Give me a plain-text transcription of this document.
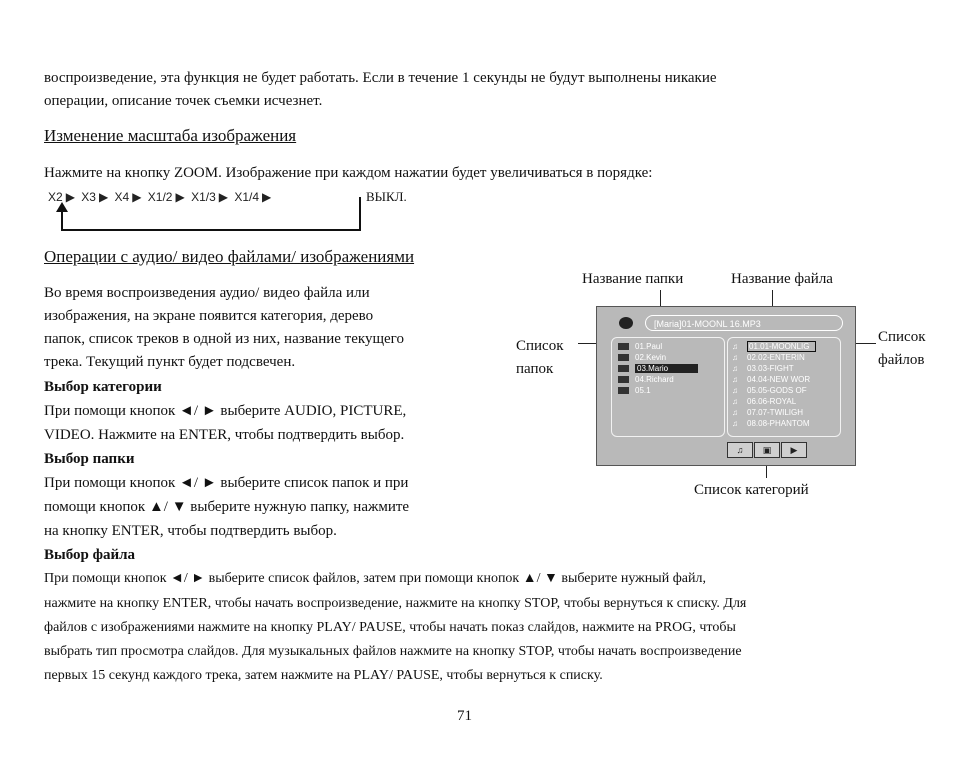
воспроизведение, эта функция не будет работать. Если в течение 1 секунды не будут выполнены никакие
операции, описание точек съемки исчезнет.
Изменение масштаба изображения
Нажмите на кнопку ZOOM. Изображение при каждом нажатии будет увеличиваться в порядке:
X2 ▶ X3 ▶ X4 ▶ X1/2 ▶ X1/3 ▶ X1/4 ▶	ВЫКЛ.
Операции с аудио/ видео файлами/ изображениями
Во время воспроизведения аудио/ видео файла или
изображения, на экране появится категория, дерево
папок, список треков в одной из них, название текущего
трека. Текущий пункт будет подсвечен.
Выбор категории
При помощи кнопок ◄/ ► выберите AUDIO, PICTURE,
VIDEO. Нажмите на ENTER, чтобы подтвердить выбор.
Выбор папки
При помощи кнопок ◄/ ► выберите список папок и при
помощи кнопок ▲/ ▼ выберите нужную папку, нажмите
на кнопку ENTER, чтобы подтвердить выбор.
Выбор файла
При помощи кнопок ◄/ ► выберите список файлов, затем при помощи кнопок ▲/ ▼ выберите нужный файл,
нажмите на кнопку ENTER, чтобы начать воспроизведение, нажмите на кнопку STOP, чтобы вернуться к списку. Для
файлов с изображениями нажмите на кнопку PLAY/ PAUSE, чтобы начать показ слайдов, нажмите на PROG, чтобы
выбрать тип просмотра слайдов. Для музыкальных файлов нажмите на кнопку STOP, чтобы начать воспроизведение
первых 15 секунд каждого трека, затем нажмите на PLAY/ PAUSE, чтобы вернуться к списку.
Название папки	Название файла
Список
папок
Список
файлов
Список категорий
[Maria]01-MOONL 16.MP3
01.Paul
02.Kevin
03.Mario
04.Richard
05.1
♫ 01.01-MOONLIG
♫ 02.02-ENTERIN
♫ 03.03-FIGHT
♫ 04.04-NEW WOR
♫ 05.05-GODS OF
♫ 06.06-ROYAL
♫ 07.07-TWILIGH
♫ 08.08-PHANTOM
♫	▣	▶
71
